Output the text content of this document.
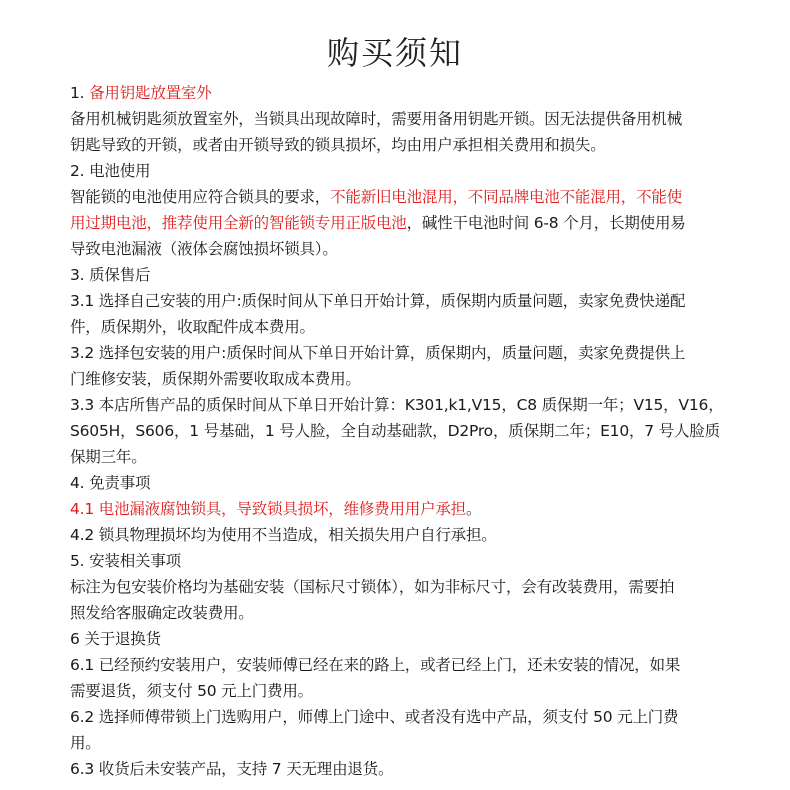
购买须知
1. 备用钥匙放置室外
备用机械钥匙须放置室外，当锁具出现故障时，需要用备用钥匙开锁。因无法提供备用机械
钥匙导致的开锁，或者由开锁导致的锁具损坏，均由用户承担相关费用和损失。
2. 电池使用
智能锁的电池使用应符合锁具的要求，不能新旧电池混用，不同品牌电池不能混用，不能使
用过期电池，推荐使用全新的智能锁专用正版电池，碱性干电池时间 6-8 个月，长期使用易
导致电池漏液（液体会腐蚀损坏锁具）。
3. 质保售后
3.1 选择自己安装的用户:质保时间从下单日开始计算，质保期内质量问题，卖家免费快递配
件，质保期外，收取配件成本费用。
3.2 选择包安装的用户:质保时间从下单日开始计算，质保期内，质量问题，卖家免费提供上
门维修安装，质保期外需要收取成本费用。
3.3 本店所售产品的质保时间从下单日开始计算：K301,k1,V15，C8 质保期一年；V15，V16，
S605H，S606，1 号基础，1 号人脸，全自动基础款，D2Pro，质保期二年；E10，7 号人脸质
保期三年。
4. 免责事项
4.1 电池漏液腐蚀锁具，导致锁具损坏，维修费用用户承担。
4.2 锁具物理损坏均为使用不当造成，相关损失用户自行承担。
5. 安装相关事项
标注为包安装价格均为基础安装（国标尺寸锁体），如为非标尺寸，会有改装费用，需要拍
照发给客服确定改装费用。
6 关于退换货
6.1 已经预约安装用户，安装师傅已经在来的路上，或者已经上门，还未安装的情况，如果
需要退货，须支付 50 元上门费用。
6.2 选择师傅带锁上门选购用户，师傅上门途中、或者没有选中产品，须支付 50 元上门费
用。
6.3 收货后未安装产品，支持 7 天无理由退货。
